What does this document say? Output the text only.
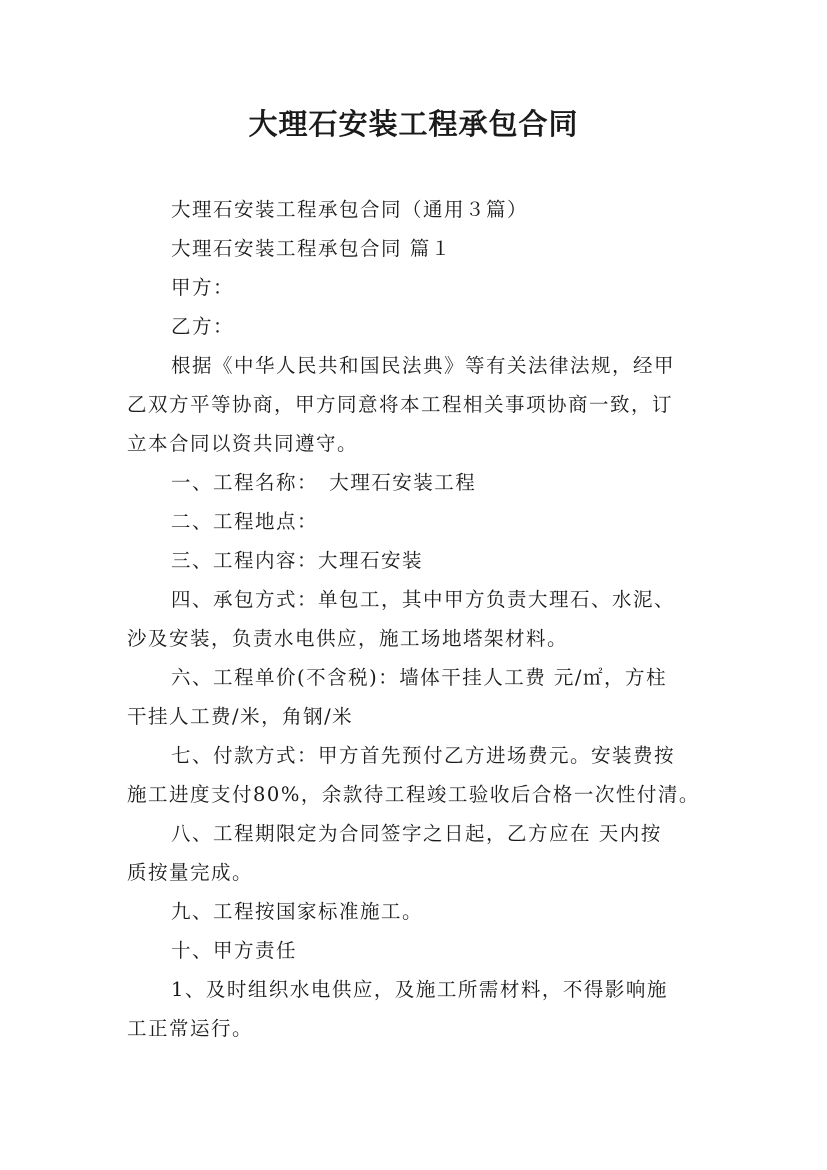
大理石安装工程承包合同

大理石安装工程承包合同（通用３篇）

大理石安装工程承包合同 篇１

甲方：

乙方：

根据《中华人民共和国民法典》等有关法律法规，经甲

乙双方平等协商，甲方同意将本工程相关事项协商一致，订

立本合同以资共同遵守。

一、工程名称：　大理石安装工程

二、工程地点：

三、工程内容：大理石安装

四、承包方式：单包工，其中甲方负责大理石、水泥、

沙及安装，负责水电供应，施工场地塔架材料。

六、工程单价(不含税)：墙体干挂人工费 元/㎡，方柱

干挂人工费/米，角钢/米

七、付款方式：甲方首先预付乙方进场费元。安装费按

施工进度支付80%，余款待工程竣工验收后合格一次性付清。

八、工程期限定为合同签字之日起，乙方应在 天内按

质按量完成。

九、工程按国家标准施工。

十、甲方责任

1、及时组织水电供应，及施工所需材料，不得影响施

工正常运行。
